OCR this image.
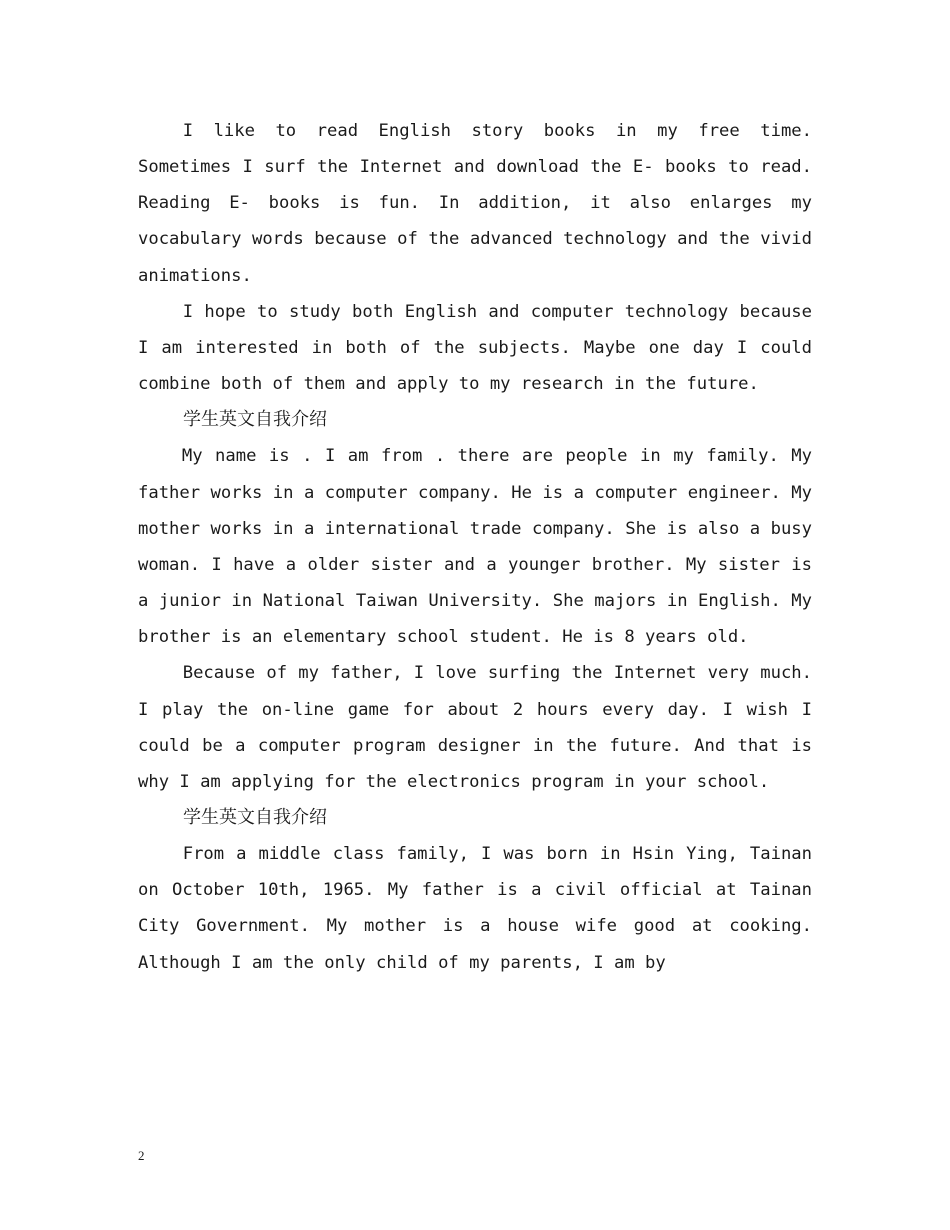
I like to read English story books in my free time. Sometimes I surf the Internet and download the E- books to read. Reading E- books is fun. In addition, it also enlarges my vocabulary words because of the advanced technology and the vivid animations.

I hope to study both English and computer technology because I am interested in both of the subjects. Maybe one day I could combine both of them and apply to my research in the future.

学生英文自我介绍

My name is . I am from . there are people in my family. My father works in a computer company. He is a computer engineer. My mother works in a international trade company. She is also a busy woman. I have a older sister and a younger brother. My sister is a junior in National Taiwan University. She majors in English. My brother is an elementary school student. He is 8 years old.

Because of my father, I love surfing the Internet very much. I play the on-line game for about 2 hours every day. I wish I could be a computer program designer in the future. And that is why I am applying for the electronics program in your school.

学生英文自我介绍

From a middle class family, I was born in Hsin Ying, Tainan on October 10th, 1965. My father is a civil official at Tainan City Government. My mother is a house wife good at cooking. Although I am the only child of my parents, I am by

2
